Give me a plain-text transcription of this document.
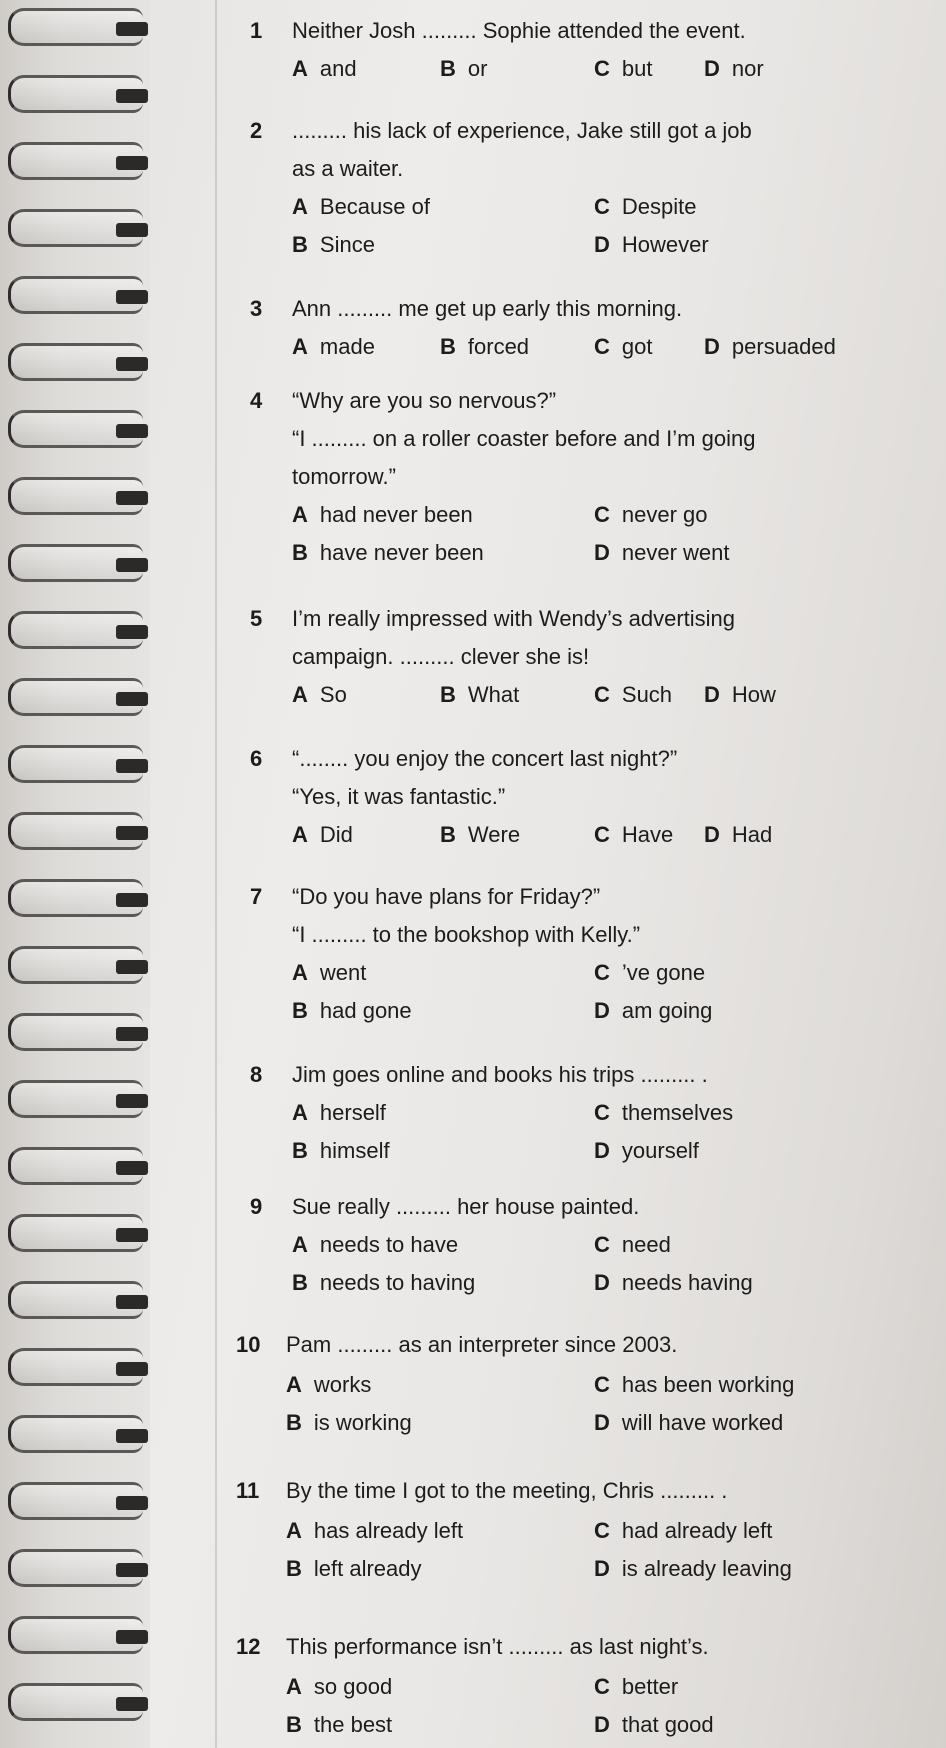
1 Neither Josh ......... Sophie attended the event.
A and	B or	C but D nor
2 ......... his lack of experience, Jake still got a job
as a waiter.
A Because of	C Despite
B Since	D However
3 Ann ......... me get up early this morning.
A made	B forced	C got D persuaded
4 “Why are you so nervous?”
“I ......... on a roller coaster before and I’m going
tomorrow.”
A had never been	C never go
B have never been	D never went
5 I’m really impressed with Wendy’s advertising
campaign. ......... clever she is!
A So	B What	C Such D How
6 “........ you enjoy the concert last night?”
“Yes, it was fantastic.”
A Did	B Were	C Have D Had
7 “Do you have plans for Friday?”
“I ......... to the bookshop with Kelly.”
A went	C ’ve gone
B had gone	D am going
8 Jim goes online and books his trips ......... .
A herself	C themselves
B himself	D yourself
9 Sue really ......... her house painted.
A needs to have	C need
B needs to having	D needs having
10 Pam ......... as an interpreter since 2003.
A works	C has been working
B is working	D will have worked
11 By the time I got to the meeting, Chris ......... .
A has already left	C had already left
B left already	D is already leaving
12 This performance isn’t ......... as last night’s.
A so good	C better
B the best	D that good
